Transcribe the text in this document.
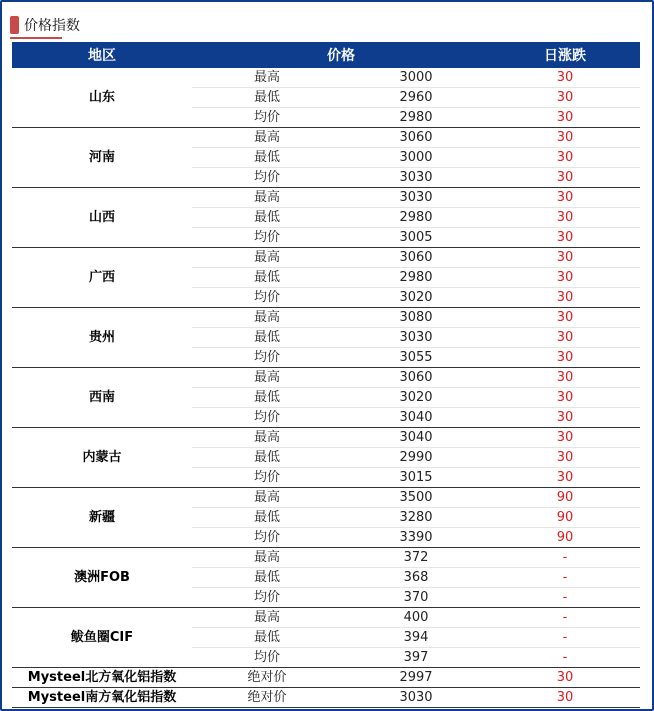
价格指数
地区	价格		日涨跌
山东	最高	3000	30
	最低	2960	30
	均价	2980	30
河南	最高	3060	30
	最低	3000	30
	均价	3030	30
山西	最高	3030	30
	最低	2980	30
	均价	3005	30
广西	最高	3060	30
	最低	2980	30
	均价	3020	30
贵州	最高	3080	30
	最低	3030	30
	均价	3055	30
西南	最高	3060	30
	最低	3020	30
	均价	3040	30
内蒙古	最高	3040	30
	最低	2990	30
	均价	3015	30
新疆	最高	3500	90
	最低	3280	90
	均价	3390	90
澳洲FOB	最高	372	-
	最低	368	-
	均价	370	-
鲅鱼圈CIF	最高	400	-
	最低	394	-
	均价	397	-
Mysteel北方氧化铝指数	绝对价	2997	30
Mysteel南方氧化铝指数	绝对价	3030	30
